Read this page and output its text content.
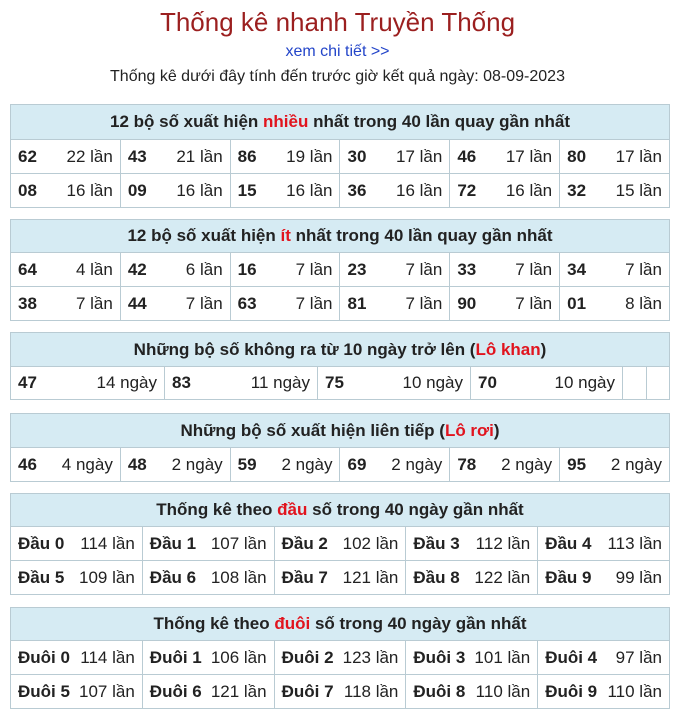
Thống kê nhanh Truyền Thống
xem chi tiết >>
Thống kê dưới đây tính đến trước giờ kết quả ngày: 08-09-2023
12 bộ số xuất hiện nhiều nhất trong 40 lần quay gần nhất
62 22 lần 43 21 lần 86 19 lần 30 17 lần 46 17 lần 80 17 lần
08 16 lần 09 16 lần 15 16 lần 36 16 lần 72 16 lần 32 15 lần
12 bộ số xuất hiện ít nhất trong 40 lần quay gần nhất
64 4 lần 42 6 lần 16 7 lần 23 7 lần 33 7 lần 34 7 lần
38 7 lần 44 7 lần 63 7 lần 81 7 lần 90 7 lần 01 8 lần
Những bộ số không ra từ 10 ngày trở lên (Lô khan)
47	14 ngày 83	11 ngày 75	10 ngày 70	10 ngày
Những bộ số xuất hiện liên tiếp (Lô rơi)
46 4 ngày 48 2 ngày 59 2 ngày 69 2 ngày 78 2 ngày 95 2 ngày
Thống kê theo đầu số trong 40 ngày gần nhất
Đầu 0 114 lần Đầu 1 107 lần Đầu 2 102 lần Đầu 3 112 lần Đầu 4 113 lần
Đầu 5 109 lần Đầu 6 108 lần Đầu 7 121 lần Đầu 8 122 lần Đầu 9 99 lần
Thống kê theo đuôi số trong 40 ngày gần nhất
Đuôi 0 114 lần Đuôi 1 106 lần Đuôi 2 123 lần Đuôi 3 101 lần Đuôi 4 97 lần
Đuôi 5 107 lần Đuôi 6 121 lần Đuôi 7 118 lần Đuôi 8 110 lần Đuôi 9 110 lần
